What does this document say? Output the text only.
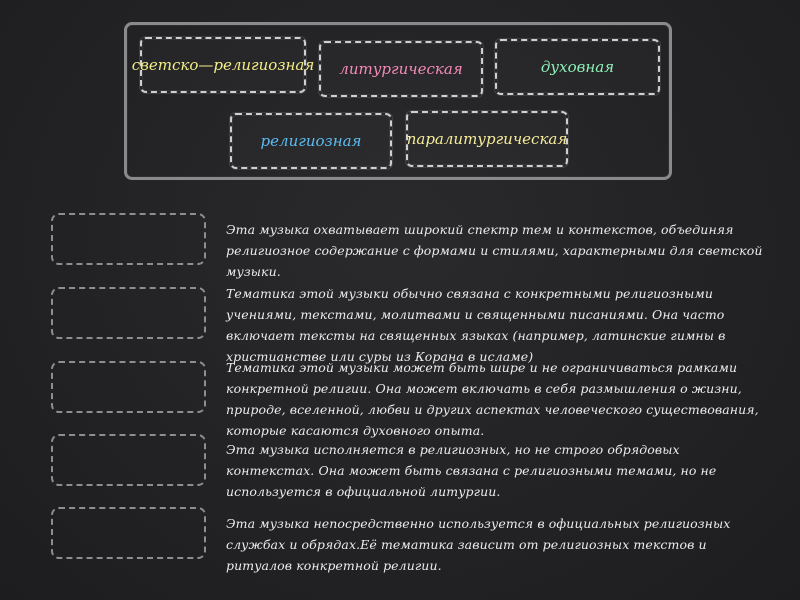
светско—религиозная	литургическая	духовная
религиозная	паралитургическая
Эта музыка охватывает широкий спектр тем и контекстов, объединяя религиозное содержание с формами и стилями, характерными для светской музыки.
Тематика этой музыки обычно связана с конкретными религиозными учениями, текстами, молитвами и священными писаниями. Она часто включает тексты на священных языках (например, латинские гимны в христианстве или суры из Корана в исламе)
Тематика этой музыки может быть шире и не ограничиваться рамками конкретной религии. Она может включать в себя размышления о жизни, природе, вселенной, любви и других аспектах человеческого существования, которые касаются духовного опыта.
Эта музыка исполняется в религиозных, но не строго обрядовых контекстах. Она может быть связана с религиозными темами, но не используется в официальной литургии.
Эта музыка непосредственно используется в официальных религиозных службах и обрядах.Её тематика зависит от религиозных текстов и ритуалов конкретной религии.
